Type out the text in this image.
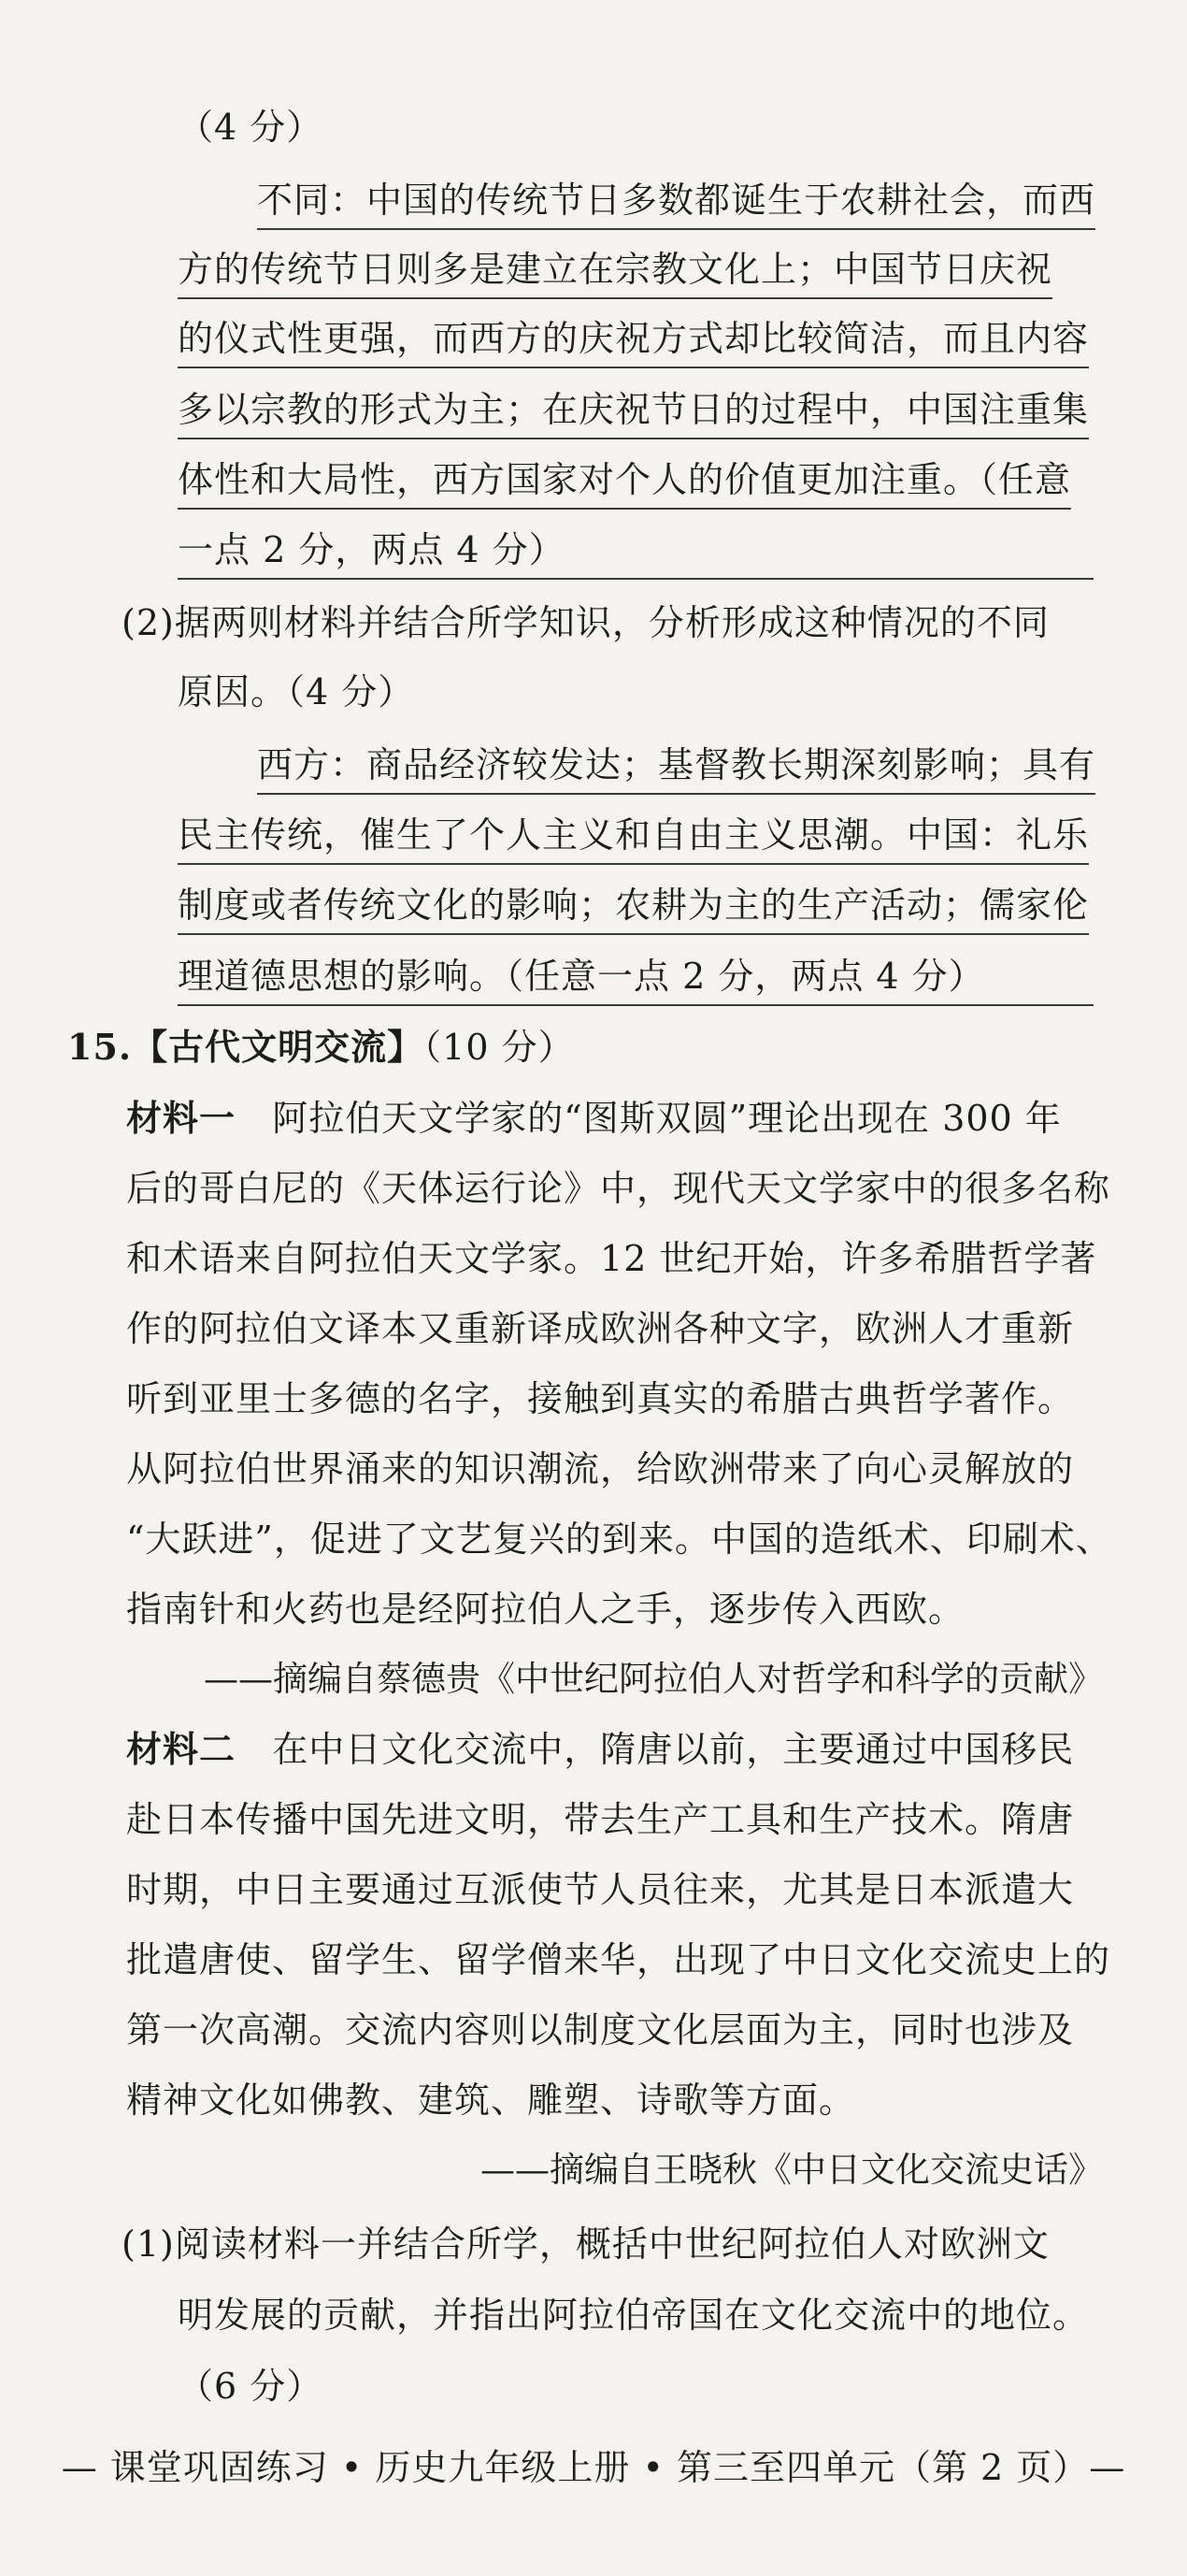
（4 分）
不同：中国的传统节日多数都诞生于农耕社会，而西
方的传统节日则多是建立在宗教文化上；中国节日庆祝
的仪式性更强，而西方的庆祝方式却比较简洁，而且内容
多以宗教的形式为主；在庆祝节日的过程中，中国注重集
体性和大局性，西方国家对个人的价值更加注重。（任意
一点 2 分，两点 4 分）
(2)据两则材料并结合所学知识，分析形成这种情况的不同
原因。（4 分）
西方：商品经济较发达；基督教长期深刻影响；具有
民主传统，催生了个人主义和自由主义思潮。中国：礼乐
制度或者传统文化的影响；农耕为主的生产活动；儒家伦
理道德思想的影响。（任意一点 2 分，两点 4 分）
15.【古代文明交流】（10 分）
材料一 阿拉伯天文学家的“图斯双圆”理论出现在 300 年
后的哥白尼的《天体运行论》中，现代天文学家中的很多名称
和术语来自阿拉伯天文学家。12 世纪开始，许多希腊哲学著
作的阿拉伯文译本又重新译成欧洲各种文字，欧洲人才重新
听到亚里士多德的名字，接触到真实的希腊古典哲学著作。
从阿拉伯世界涌来的知识潮流，给欧洲带来了向心灵解放的
“大跃进”，促进了文艺复兴的到来。中国的造纸术、印刷术、
指南针和火药也是经阿拉伯人之手，逐步传入西欧。
——摘编自蔡德贵《中世纪阿拉伯人对哲学和科学的贡献》
材料二 在中日文化交流中，隋唐以前，主要通过中国移民
赴日本传播中国先进文明，带去生产工具和生产技术。隋唐
时期，中日主要通过互派使节人员往来，尤其是日本派遣大
批遣唐使、留学生、留学僧来华，出现了中日文化交流史上的
第一次高潮。交流内容则以制度文化层面为主，同时也涉及
精神文化如佛教、建筑、雕塑、诗歌等方面。
——摘编自王晓秋《中日文化交流史话》
(1)阅读材料一并结合所学，概括中世纪阿拉伯人对欧洲文
明发展的贡献，并指出阿拉伯帝国在文化交流中的地位。
（6 分）
— 课堂巩固练习 • 历史九年级上册 • 第三至四单元（第 2 页）—
